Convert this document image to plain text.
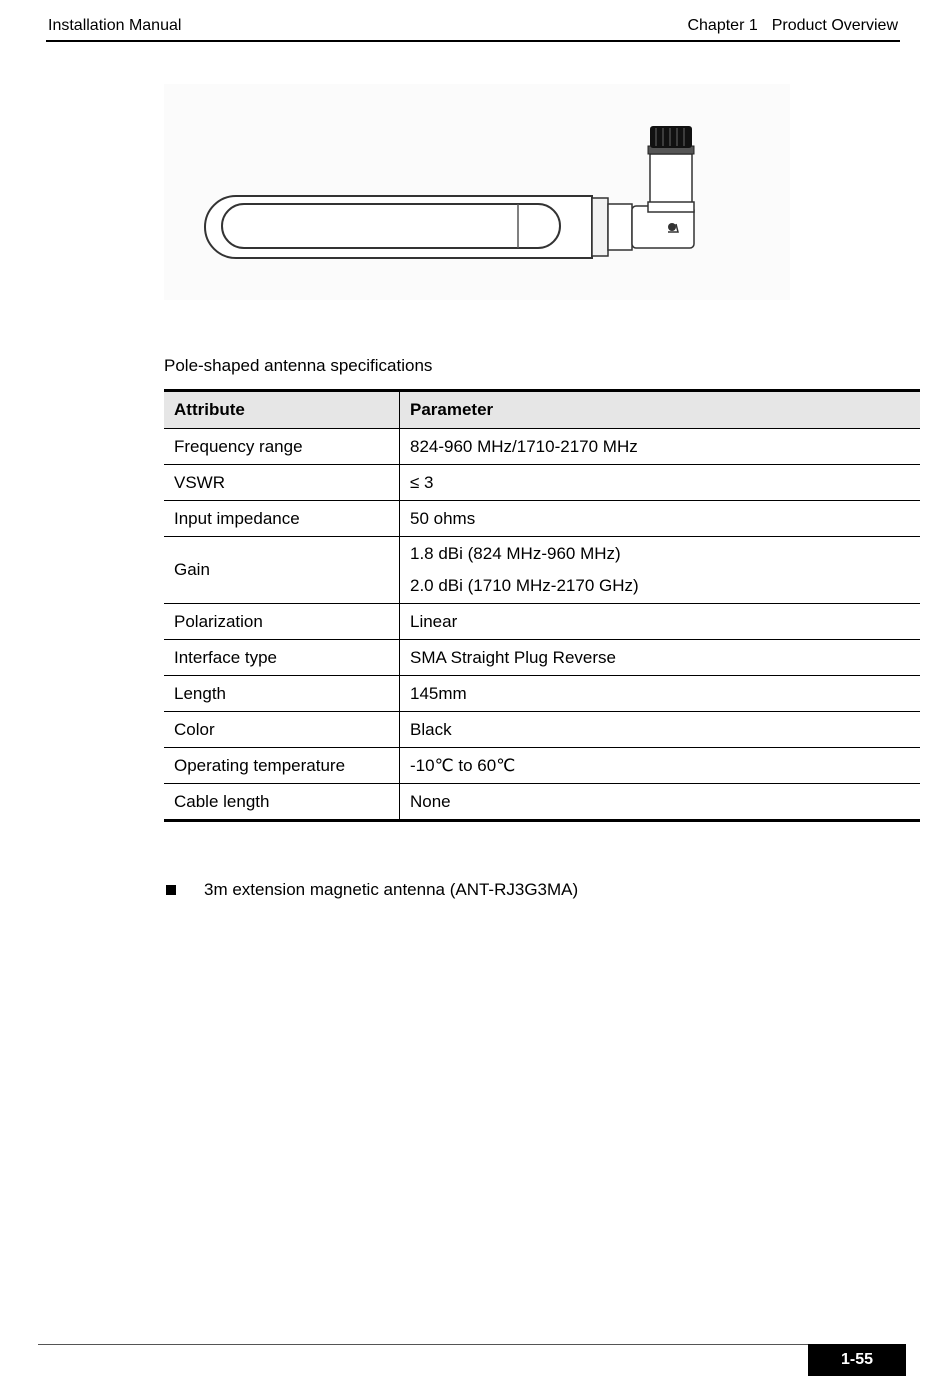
Installation Manual	Chapter 1 Product Overview
Pole-shaped antenna specifications
Attribute	Parameter
Frequency range	824-960 MHz/1710-2170 MHz
VSWR	≤ 3
Input impedance	50 ohms
Gain	1.8 dBi (824 MHz-960 MHz)
2.0 dBi (1710 MHz-2170 GHz)

Polarization	Linear
Interface type	SMA Straight Plug Reverse
Length	145mm
Color	Black
Operating temperature	-10℃ to 60℃
Cable length	None
3m extension magnetic antenna (ANT-RJ3G3MA)
1-55
